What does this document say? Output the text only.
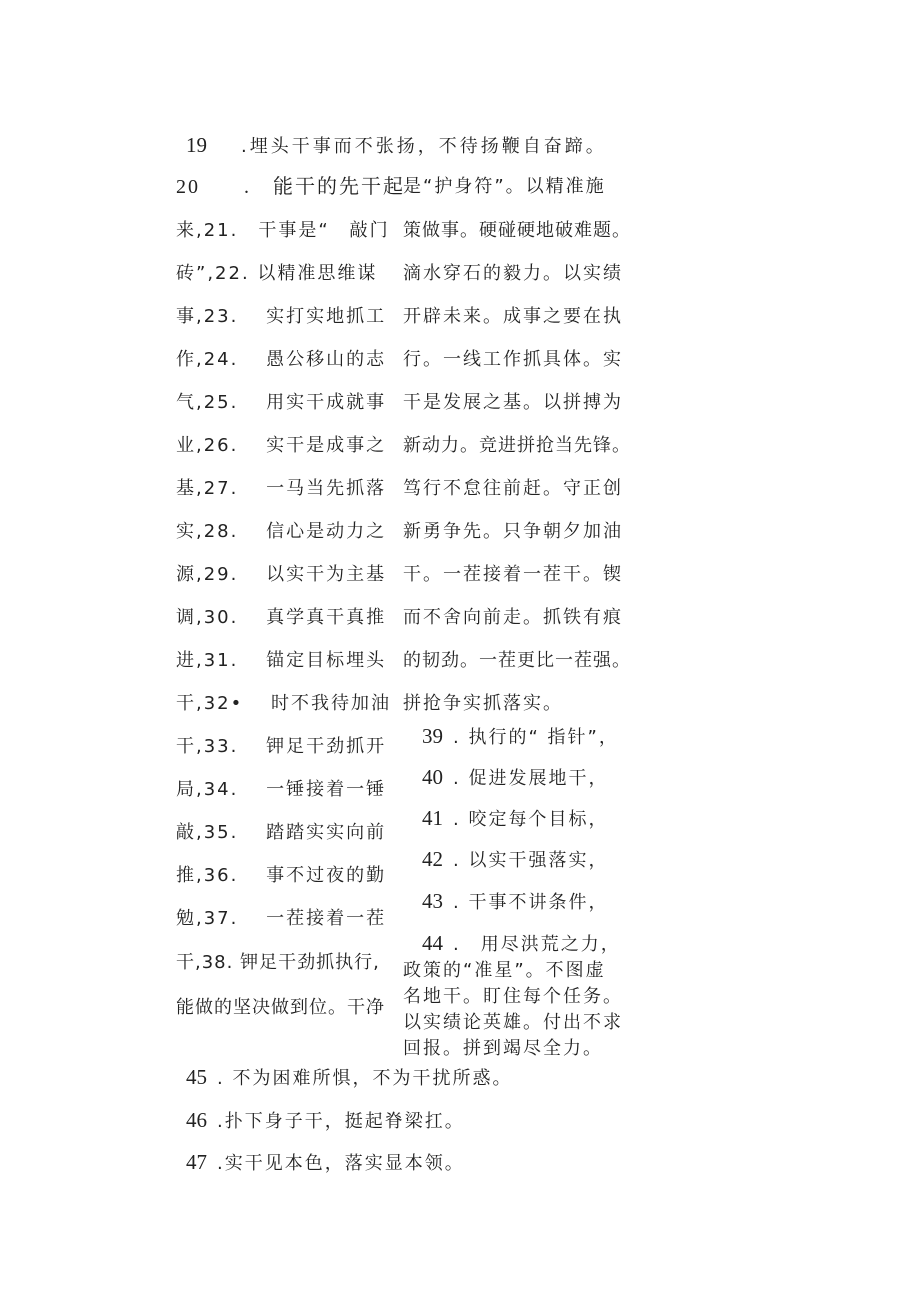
19 .埋头干事而不张扬，不待扬鞭自奋蹄。
20　　.　能干的先干起
来,21.　干事是“　敲门
砖”,22. 以精准思维谋
事,23.　 实打实地抓工
作,24.　 愚公移山的志
气,25.　 用实干成就事
业,26.　 实干是成事之
基,27.　 一马当先抓落
实,28.　 信心是动力之
源,29.　 以实干为主基
调,30.　 真学真干真推
进,31.　 锚定目标埋头
干,32•　 时不我待加油
干,33.　 钾足干劲抓开
局,34.　 一锤接着一锤
敲,35.　 踏踏实实向前
推,36.　 事不过夜的勤
勉,37.　 一茬接着一茬
干,38. 钾足干劲抓执行,
能做的坚决做到位。干净
是“护身符”。以精准施
策做事。硬碰硬地破难题。
滴水穿石的毅力。以实绩
开辟未来。成事之要在执
行。一线工作抓具体。实
干是发展之基。以拼搏为
新动力。竞进拼抢当先锋。
笃行不怠往前赶。守正创
新勇争先。只争朝夕加油
干。一茬接着一茬干。锲
而不舍向前走。抓铁有痕
的韧劲。一茬更比一茬强。
拼抢争实抓落实。
39 . 执行的“ 指针”，
40 . 促进发展地干，
41 . 咬定每个目标，
42 . 以实干强落实，
43 . 干事不讲条件，
44 .　用尽洪荒之力，
政策的“准星”。不图虚
名地干。盯住每个任务。
以实绩论英雄。付出不求
回报。拼到竭尽全力。
45 . 不为困难所惧，不为干扰所惑。
46 .扑下身子干，挺起脊梁扛。
47 .实干见本色，落实显本领。
